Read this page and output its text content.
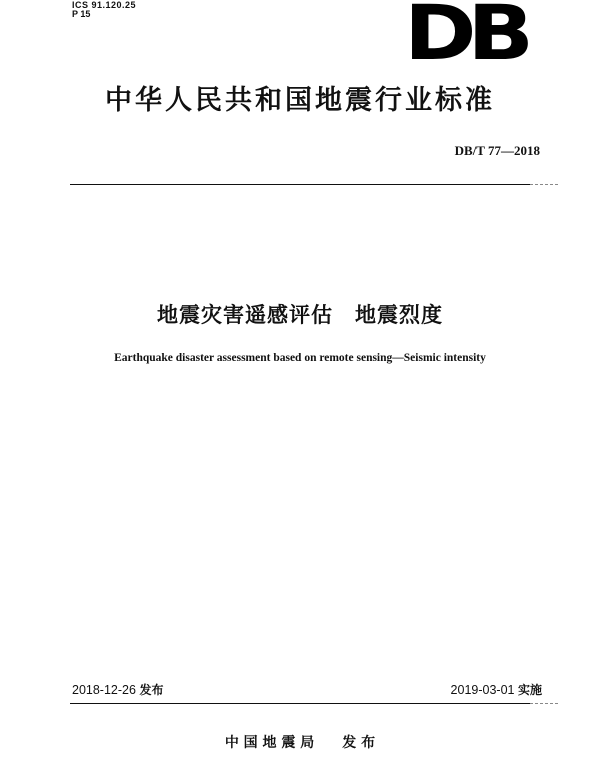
ICS 91.120.25
P 15	DB
中华人民共和国地震行业标准
DB/T 77—2018
地震灾害遥感评估　地震烈度
Earthquake disaster assessment based on remote sensing—Seismic intensity
2018-12-26 发布	2019-03-01 实施
中 国 地 震 局　　发 布
